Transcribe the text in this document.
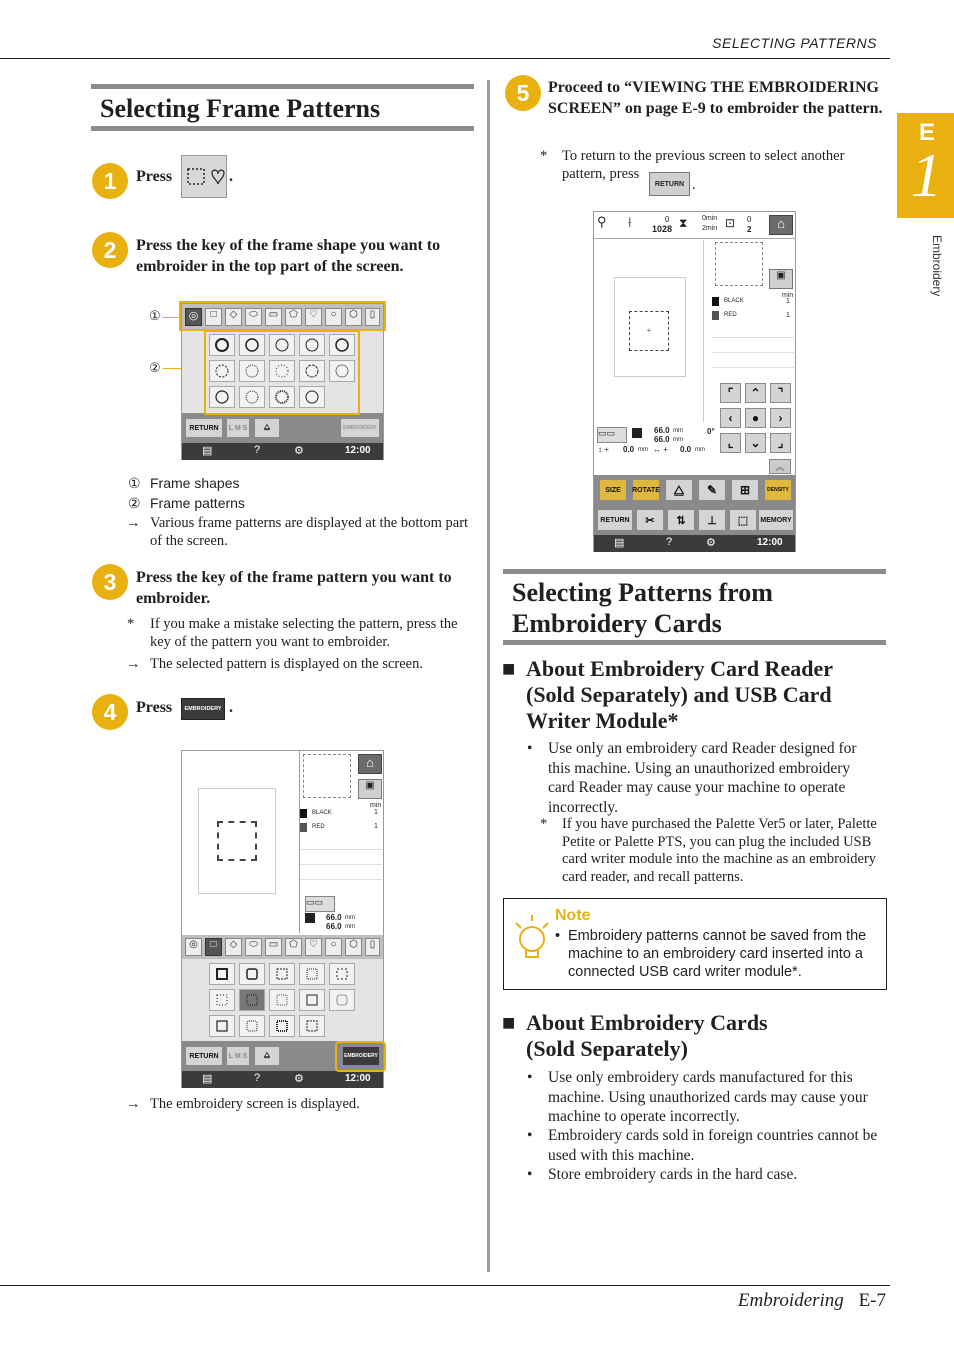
SELECTING PATTERNS
E
1
Embroidery
Selecting Frame Patterns
1	Press	.
2	Press the key of the frame shape you want to embroider in the top part of the screen.
①
②
◎	□	◇	⬭	▭	⬠	♡	○	⬡	▯
RETURN	L M S	⧋	EMBROIDERY
▤	?	⚙	12:00
① Frame shapes
② Frame patterns
→ Various frame patterns are displayed at the bottom part of the screen.
3	Press the key of the frame pattern you want to embroider.
* If you make a mistake selecting the pattern, press the key of the pattern you want to embroider.
→ The selected pattern is displayed on the screen.
4	Press	EMBROIDERY .
⌂
▣
min
BLACK	1
RED	1
▭▭
66.0 mm
66.0 mm
◎	□	◇	⬭	▭	⬠	♡	○	⬡	▯
RETURN	L M S	⧋	EMBROIDERY
▤	?	⚙	12:00
→ The embroidery screen is displayed.
5	Proceed to “VIEWING THE EMBROIDERING SCREEN” on page E-9 to embroider the pattern.
* To return to the previous screen to select another pattern, press
RETURN .
⚲	⟊	0
1028 ⧗ 0min
2min ⊡ 0
2	⌂
+
▣
min
BLACK	1
RED	1
⌜	⌃	⌝
‹	●	›
⌞	⌄	⌟
▭▭	66.0 mm
66.0 mm
0°
↕ + 0.0 mm ↔ + 0.0 mm
︽
SIZE	ROTATE ⧋ ✎ ⊞	DENSITY
RETURN	✂ ⇅ ⊥ ⬚	MEMORY
▤	?	⚙	12:00
Selecting Patterns from
Embroidery Cards
■ About Embroidery Card Reader
(Sold Separately) and USB Card
Writer Module*
• Use only an embroidery card Reader designed for this machine. Using an unauthorized embroidery card Reader may cause your machine to operate incorrectly.
* If you have purchased the Palette Ver5 or later, Palette Petite or Palette PTS, you can plug the included USB card writer module into the machine as an embroidery card reader, and recall patterns.
Note
• Embroidery patterns cannot be saved from the machine to an embroidery card inserted into a connected USB card writer module*.
■ About Embroidery Cards
(Sold Separately)
• Use only embroidery cards manufactured for this machine. Using unauthorized cards may cause your machine to operate incorrectly.
• Embroidery cards sold in foreign countries cannot be used with this machine.
• Store embroidery cards in the hard case.
Embroidering E-7
